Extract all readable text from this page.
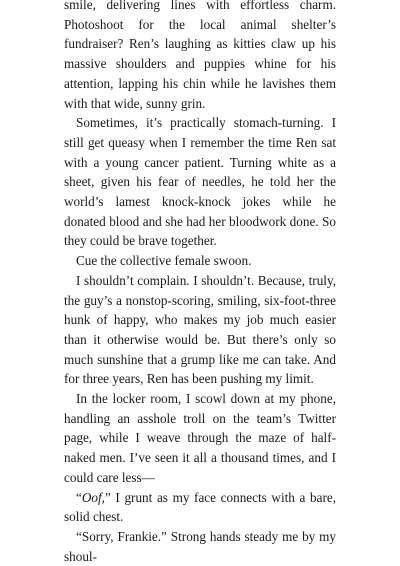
smile, delivering lines with effortless charm. Photoshoot for the local animal shelter’s fundraiser? Ren’s laughing as kitties claw up his massive shoulders and puppies whine for his attention, lapping his chin while he lavishes them with that wide, sunny grin.

Sometimes, it’s practically stomach-turning. I still get queasy when I remember the time Ren sat with a young cancer patient. Turning white as a sheet, given his fear of needles, he told her the world’s lamest knock-knock jokes while he donated blood and she had her bloodwork done. So they could be brave together.

Cue the collective female swoon.

I shouldn’t complain. I shouldn’t. Because, truly, the guy’s a nonstop-scoring, smiling, six-foot-three hunk of happy, who makes my job much easier than it otherwise would be. But there’s only so much sunshine that a grump like me can take. And for three years, Ren has been pushing my limit.

In the locker room, I scowl down at my phone, handling an asshole troll on the team’s Twitter page, while I weave through the maze of half-naked men. I’ve seen it all a thousand times, and I could care less—

“Oof,” I grunt as my face connects with a bare, solid chest.

“Sorry, Frankie.” Strong hands steady me by my shoul-
